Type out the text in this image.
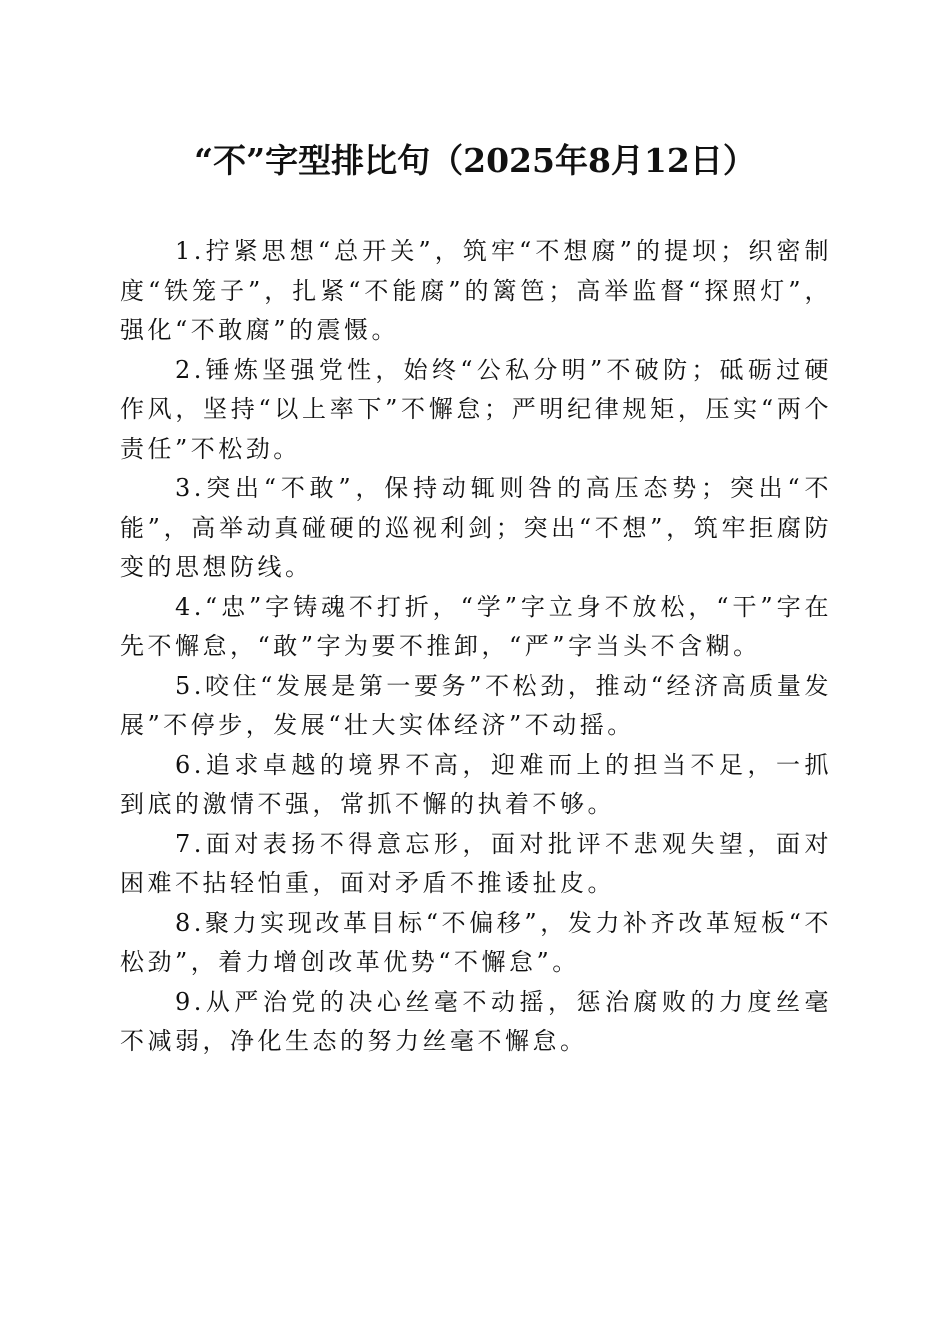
“不”字型排比句（2025年8月12日）

1.拧紧思想“总开关”，筑牢“不想腐”的提坝；织密制度“铁笼子”，扎紧“不能腐”的篱笆；高举监督“探照灯”，强化“不敢腐”的震慑。

2.锤炼坚强党性，始终“公私分明”不破防；砥砺过硬作风，坚持“以上率下”不懈怠；严明纪律规矩，压实“两个责任”不松劲。

3.突出“不敢”，保持动辄则咎的高压态势；突出“不能”，高举动真碰硬的巡视利剑；突出“不想”，筑牢拒腐防变的思想防线。

4.“忠”字铸魂不打折，“学”字立身不放松，“干”字在先不懈怠，“敢”字为要不推卸，“严”字当头不含糊。

5.咬住“发展是第一要务”不松劲，推动“经济高质量发展”不停步，发展“壮大实体经济”不动摇。

6.追求卓越的境界不高，迎难而上的担当不足，一抓到底的激情不强，常抓不懈的执着不够。

7.面对表扬不得意忘形，面对批评不悲观失望，面对困难不拈轻怕重，面对矛盾不推诿扯皮。

8.聚力实现改革目标“不偏移”，发力补齐改革短板“不松劲”，着力增创改革优势“不懈怠”。

9.从严治党的决心丝毫不动摇，惩治腐败的力度丝毫不减弱，净化生态的努力丝毫不懈怠。
